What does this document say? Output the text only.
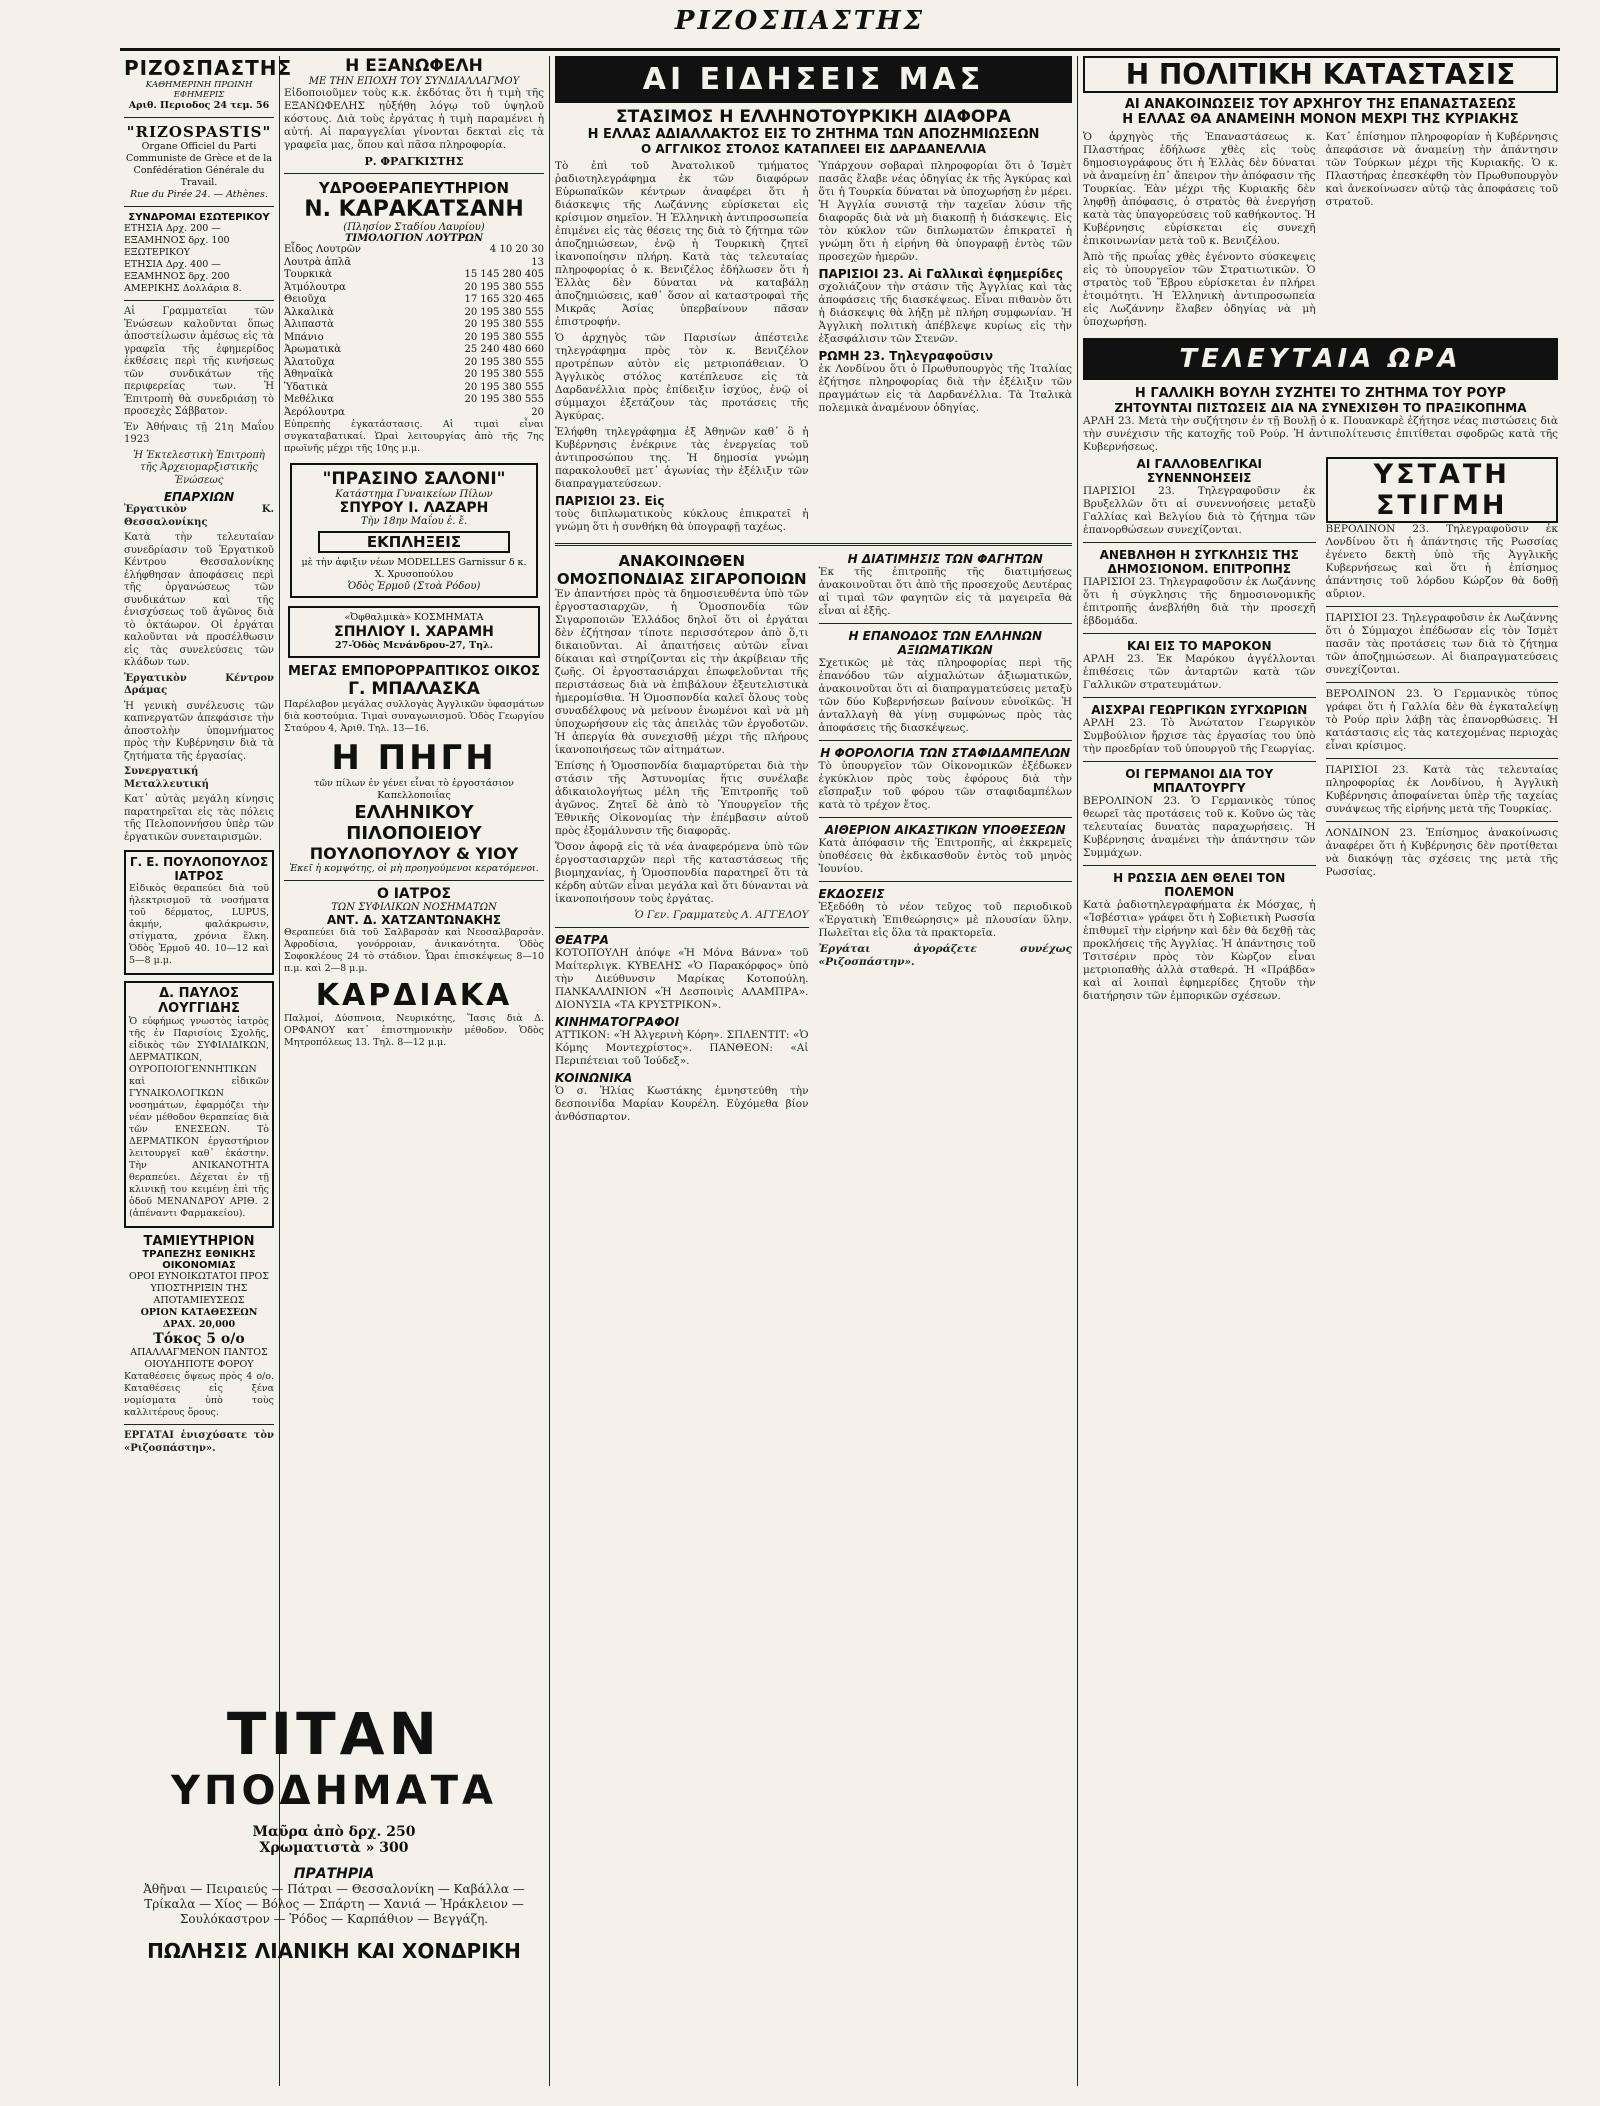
ΡΙΖΟΣΠΑΣΤΗΣ
ΡΙΖΟΣΠΑΣΤΗΣ
ΚΑΘΗΜΕΡΙΝΗ ΠΡΩΙΝΗ ΕΦΗΜΕΡΙΣ
Αριθ. Περιοδος 24 τεμ. 56
"RIZOSPASTIS"
Organe Officiel du Parti Communiste de Grèce et de la Confédération Générale du Travail.
Rue du Pirée 24. — Athènes.
ΣΥΝΔΡΟΜΑΙ ΕΣΩΤΕΡΙΚΟΥ
ΕΤΗΣΙΑ Δρχ. 200 — ΕΞΑΜΗΝΟΣ δρχ. 100 ΕΞΩΤΕΡΙΚΟΥ
ΕΤΗΣΙΑ Δρχ. 400 — ΕΞΑΜΗΝΟΣ δρχ. 200 ΑΜΕΡΙΚΗΣ Δολλάρια 8.

Αἱ Γραμματεῖαι τῶν Ἐνώσεων καλοῦνται ὅπως ἀποστείλωσιν ἀμέσως εἰς τὰ γραφεῖα τῆς ἐφημερίδος ἐκθέσεις περὶ τῆς κινήσεως τῶν συνδικάτων τῆς περιφερείας των. Ἡ Ἐπιτροπὴ θὰ συνεδριάσῃ τὸ προσεχὲς Σάββατον.

Ἐν Ἀθήναις τῇ 21η Μαΐου 1923

Ἡ Ἐκτελεστικὴ Ἐπιτροπὴ τῆς Ἀρχειομαρξιστικῆς Ἑνώσεως

ΕΠΑΡΧΙΩΝ

Ἐργατικὸν Κ. Θεσσαλονίκης

Κατὰ τὴν τελευταίαν συνεδρίασιν τοῦ Ἐργατικοῦ Κέντρου Θεσσαλονίκης ἐλήφθησαν ἀποφάσεις περὶ τῆς ὀργανώσεως τῶν συνδικάτων καὶ τῆς ἐνισχύσεως τοῦ ἀγῶνος διὰ τὸ ὀκτάωρον. Οἱ ἐργάται καλοῦνται νὰ προσέλθωσιν εἰς τὰς συνελεύσεις τῶν κλάδων των.

Ἐργατικὸν Κέντρον Δράμας

Ἡ γενικὴ συνέλευσις τῶν καπνεργατῶν ἀπεφάσισε τὴν ἀποστολὴν ὑπομνήματος πρὸς τὴν Κυβέρνησιν διὰ τὰ ζητήματα τῆς ἐργασίας.

Συνεργατική Μεταλλευτική

Κατ᾽ αὐτὰς μεγάλη κίνησις παρατηρεῖται εἰς τὰς πόλεις τῆς Πελοποννήσου ὑπὲρ τῶν ἐργατικῶν συνεταιρισμῶν.

Γ. Ε. ΠΟΥΛΟΠΟΥΛΟΣ ΙΑΤΡΟΣ

Εἰδικὸς θεραπεύει διὰ τοῦ ἠλεκτρισμοῦ τὰ νοσήματα τοῦ δέρματος, LUPUS, ἀκμήν, φαλάκρωσιν, στίγματα, χρόνια ἕλκη. Ὁδὸς Ἑρμοῦ 40. 10—12 καὶ 5—8 μ.μ.

Δ. ΠΑΥΛΟΣ ΛΟΥΓΓΙΔΗΣ

Ὁ εὐφήμως γνωστὸς ἰατρὸς τῆς ἐν Παρισίοις Σχολῆς, εἰδικὸς τῶν ΣΥΦΙΛΙΔΙΚΩΝ, ΔΕΡΜΑΤΙΚΩΝ, ΟΥΡΟΠΟΙΟΓΕΝΝΗΤΙΚΩΝ καὶ εἰδικῶν ΓΥΝΑΙΚΟΛΟΓΙΚΩΝ νοσημάτων, ἐφαρμόζει τὴν νέαν μέθοδον θεραπείας διὰ τῶν ΕΝΕΣΕΩΝ. Τὸ ΔΕΡΜΑΤΙΚΟΝ ἐργαστήριον λειτουργεῖ καθ᾽ ἑκάστην. Τὴν ΑΝΙΚΑΝΟΤΗΤΑ θεραπεύει. Δέχεται ἐν τῇ κλινικῇ του κειμένῃ ἐπὶ τῆς ὁδοῦ ΜΕΝΑΝΔΡΟΥ ΑΡΙΘ. 2 (ἀπέναντι Φαρμακείου).

ΤΑΜΙΕΥΤΗΡΙΟΝ
ΤΡΑΠΕΖΗΣ ΕΘΝΙΚΗΣ ΟΙΚΟΝΟΜΙΑΣ
ΟΡΟΙ ΕΥΝΟΙΚΩΤΑΤΟΙ ΠΡΟΣ ΥΠΟΣΤΗΡΙΞΙΝ ΤΗΣ ΑΠΟΤΑΜΙΕΥΣΕΩΣ
ΟΡΙΟΝ ΚΑΤΑΘΕΣΕΩΝ ΔΡΑΧ. 20,000
Τόκος 5 ο/ο
ΑΠΑΛΛΑΓΜΕΝΟΝ ΠΑΝΤΟΣ ΟΙΟΥΔΗΠΟΤΕ ΦΟΡΟΥ

Καταθέσεις ὄψεως πρὸς 4 ο/ο. Καταθέσεις εἰς ξένα νομίσματα ὑπὸ τοὺς καλλιτέρους ὅρους.

ΕΡΓΑΤΑΙ ἐνισχύσατε τὸν «Ριζοσπάστην».

Η ΕΞΑΝΩΦΕΛΗ
ΜΕ ΤΗΝ ΕΠΟΧΗ ΤΟΥ ΣΥΝΔΙΑΛΛΑΓΜΟΥ

Εἰδοποιοῦμεν τοὺς κ.κ. ἐκδότας ὅτι ἡ τιμὴ τῆς ΕΞΑΝΩΦΕΛΗΣ ηὐξήθη λόγῳ τοῦ ὑψηλοῦ κόστους. Διὰ τοὺς ἐργάτας ἡ τιμὴ παραμένει ἡ αὐτή. Αἱ παραγγελίαι γίνονται δεκταὶ εἰς τὰ γραφεῖα μας, ὅπου καὶ πᾶσα πληροφορία.

Ρ. ΦΡΑΓΚΙΣΤΗΣ
ΥΔΡΟΘΕΡΑΠΕΥΤΗΡΙΟΝ
Ν. ΚΑΡΑΚΑΤΣΑΝΗ
(Πλησίον Σταδίου Λαυρίου)
ΤΙΜΟΛΟΓΙΟΝ ΛΟΥΤΡΩΝ
Εἶδος Λουτρῶν	4 10 20 30
Λουτρὰ ἁπλᾶ	13
Τουρκικὰ	15 145 280 405
Ἀτμόλουτρα	20 195 380 555
Θειοῦχα	17 165 320 465
Ἀλκαλικὰ	20 195 380 555
Ἀλιπαστὰ	20 195 380 555
Μπάνιο	20 195 380 555
Ἀρωματικὰ	25 240 480 660
Ἀλατοῦχα	20 195 380 555
Ἀθηναϊκὰ	20 195 380 555
Ὑδατικὰ	20 195 380 555
Μεθέλικα	20 195 380 555
Ἀερόλουτρα	20

Εὐπρεπὴς ἐγκατάστασις. Αἱ τιμαὶ εἶναι συγκαταβατικαί. Ὡραὶ λειτουργίας ἀπὸ τῆς 7ης πρωϊνῆς μέχρι τῆς 10ης μ.μ.

"ΠΡΑΣΙΝΟ ΣΑΛΟΝΙ"
Κατάστημα Γυναικείων Πίλων
ΣΠΥΡΟΥ Ι. ΛΑΖΑΡΗ
Τὴν 18ην Μαΐου ἐ. ἔ.
ΕΚΠΛΗΞΕΙΣ
μὲ τὴν ἀφιξιν νέων MODELLES Garnissur δ κ. Χ. Χρυσοπούλου
Ὁδὸς Ἑρμοῦ (Στοὰ Ρόδου)
«Ὀφθαλμικὰ» ΚΟΣΜΗΜΑΤΑ
ΣΠΗΛΙΟΥ Ι. ΧΑΡΑΜΗ
27-Ὁδὸς Μενάνδρου-27, Τηλ.
ΜΕΓΑΣ ΕΜΠΟΡΟΡΡΑΠΤΙΚΟΣ ΟΙΚΟΣ
Γ. ΜΠΑΛΑΣΚΑ

Παρέλαβον μεγάλας συλλογὰς Ἀγγλικῶν ὑφασμάτων διὰ κοστούμια. Τιμαὶ συναγωνισμοῦ. Ὁδὸς Γεωργίου Σταύρου 4, Ἀριθ. Τηλ. 13—16.

Η ΠΗΓΗ
τῶν πίλων ἐν γένει εἶναι τὸ ἐργοστάσιον Καπελλοποιΐας
ΕΛΛΗΝΙΚΟΥ ΠΙΛΟΠΟΙΕΙΟΥ
ΠΟΥΛΟΠΟΥΛΟΥ & ΥΙΟΥ
Ἐκεῖ ἡ κομψότης, οἱ μὴ προηγούμενοι κερατόμενοι.
Ο ΙΑΤΡΟΣ
ΤΩΝ ΣΥΦΙΛΙΚΩΝ ΝΟΣΗΜΑΤΩΝ
ΑΝΤ. Δ. ΧΑΤΖΑΝΤΩΝΑΚΗΣ

Θεραπεύει διὰ τοῦ Σαλβαρσὰν καὶ Νεοσαλβαρσὰν. Ἀφροδίσια, γονόρροιαν, ἀνικανότητα. Ὁδὸς Σοφοκλέους 24 τὸ στάδιον. Ὧραι ἐπισκέψεως 8—10 π.μ. καὶ 2—8 μ.μ.

ΚΑΡΔΙΑΚΑ

Παλμοί, Δύσπνοια, Νευρικότης, Ἴασις διὰ Δ. ΟΡΦΑΝΟΥ κατ᾽ ἐπιστημονικὴν μέθοδον. Ὁδὸς Μητροπόλεως 13. Τηλ. 8—12 μ.μ.

ΤΙΤΑΝ
ΥΠΟΔΗΜΑΤΑ
Μαῦρα ἀπὸ δρχ. 250
Χρωματιστὰ » 300
ΠΡΑΤΗΡΙΑ

Ἀθῆναι — Πειραιεύς — Πάτραι — Θεσσαλονίκη — Καβάλλα — Τρίκαλα — Χίος — Βόλος — Σπάρτη — Χανιά — Ἡράκλειον — Σουλόκαστρον — Ῥόδος — Καρπάθιον — Βεγγάζη.

ΠΩΛΗΣΙΣ ΛΙΑΝΙΚΗ ΚΑΙ ΧΟΝΔΡΙΚΗ
ΑΙ ΕΙΔΗΣΕΙΣ ΜΑΣ
ΣΤΑΣΙΜΟΣ Η ΕΛΛΗΝΟΤΟΥΡΚΙΚΗ ΔΙΑΦΟΡΑ
Η ΕΛΛΑΣ ΑΔΙΑΛΛΑΚΤΟΣ ΕΙΣ ΤΟ ΖΗΤΗΜΑ ΤΩΝ ΑΠΟΖΗΜΙΩΣΕΩΝ
Ο ΑΓΓΛΙΚΟΣ ΣΤΟΛΟΣ ΚΑΤΑΠΛΕΕΙ ΕΙΣ ΔΑΡΔΑΝΕΛΛΙΑ

Τὸ ἐπὶ τοῦ Ἀνατολικοῦ τμήματος ῥαδιοτηλεγράφημα ἐκ τῶν διαφόρων Εὐρωπαϊκῶν κέντρων ἀναφέρει ὅτι ἡ διάσκεψις τῆς Λωζάννης εὑρίσκεται εἰς κρίσιμον σημεῖον. Ἡ Ἑλληνικὴ ἀντιπροσωπεία ἐπιμένει εἰς τὰς θέσεις της διὰ τὸ ζήτημα τῶν ἀποζημιώσεων, ἐνῷ ἡ Τουρκικὴ ζητεῖ ἱκανοποίησιν πλήρη. Κατὰ τὰς τελευταίας πληροφορίας ὁ κ. Βενιζέλος ἐδήλωσεν ὅτι ἡ Ἑλλὰς δὲν δύναται νὰ καταβάλῃ ἀποζημιώσεις, καθ᾽ ὅσον αἱ καταστροφαὶ τῆς Μικρᾶς Ἀσίας ὑπερβαίνουν πᾶσαν ἐπιστροφήν.

Ὁ ἀρχηγὸς τῶν Παρισίων ἀπέστειλε τηλεγράφημα πρὸς τὸν κ. Βενιζέλον προτρέπων αὐτὸν εἰς μετριοπάθειαν. Ὁ Ἀγγλικὸς στόλος κατέπλευσε εἰς τὰ Δαρδανέλλια πρὸς ἐπίδειξιν ἰσχύος, ἐνῷ οἱ σύμμαχοι ἐξετάζουν τὰς προτάσεις τῆς Ἀγκύρας.

Ἐλήφθη τηλεγράφημα ἐξ Ἀθηνῶν καθ᾽ ὃ ἡ Κυβέρνησις ἐνέκρινε τὰς ἐνεργείας τοῦ ἀντιπροσώπου της. Ἡ δημοσία γνώμη παρακολουθεῖ μετ᾽ ἀγωνίας τὴν ἐξέλιξιν τῶν διαπραγματεύσεων.

ΠΑΡΙΣΙΟΙ 23. Εἰς

τοὺς διπλωματικοὺς κύκλους ἐπικρατεῖ ἡ γνώμη ὅτι ἡ συνθήκη θὰ ὑπογραφῇ ταχέως.

Ὑπάρχουν σοβαραὶ πληροφορίαι ὅτι ὁ Ἰσμὲτ πασᾶς ἔλαβε νέας ὁδηγίας ἐκ τῆς Ἀγκύρας καὶ ὅτι ἡ Τουρκία δύναται νὰ ὑποχωρήσῃ ἐν μέρει. Ἡ Ἀγγλία συνιστᾷ τὴν ταχεῖαν λύσιν τῆς διαφορᾶς διὰ νὰ μὴ διακοπῇ ἡ διάσκεψις. Εἰς τὸν κύκλον τῶν διπλωματῶν ἐπικρατεῖ ἡ γνώμη ὅτι ἡ εἰρήνη θὰ ὑπογραφῇ ἐντὸς τῶν προσεχῶν ἡμερῶν.

ΠΑΡΙΣΙΟΙ 23. Αἱ Γαλλικαὶ ἐφημερίδες

σχολιάζουν τὴν στάσιν τῆς Ἀγγλίας καὶ τὰς ἀποφάσεις τῆς διασκέψεως. Εἶναι πιθανὸν ὅτι ἡ διάσκεψις θὰ λήξῃ μὲ πλήρη συμφωνίαν. Ἡ Ἀγγλικὴ πολιτικὴ ἀπέβλεψε κυρίως εἰς τὴν ἐξασφάλισιν τῶν Στενῶν.

ΡΩΜΗ 23. Τηλεγραφοῦσιν

ἐκ Λονδίνου ὅτι ὁ Πρωθυπουργὸς τῆς Ἰταλίας ἐζήτησε πληροφορίας διὰ τὴν ἐξέλιξιν τῶν πραγμάτων εἰς τὰ Δαρδανέλλια. Τὰ Ἰταλικὰ πολεμικὰ ἀναμένουν ὁδηγίας.

ΑΝΑΚΟΙΝΩΘΕΝ ΟΜΟΣΠΟΝΔΙΑΣ ΣΙΓΑΡΟΠΟΙΩΝ

Ἐν ἀπαντήσει πρὸς τὰ δημοσιευθέντα ὑπὸ τῶν ἐργοστασιαρχῶν, ἡ Ὁμοσπονδία τῶν Σιγαροποιῶν Ἑλλάδος δηλοῖ ὅτι οἱ ἐργάται δὲν ἐζήτησαν τίποτε περισσότερον ἀπὸ ὅ,τι δικαιοῦνται. Αἱ ἀπαιτήσεις αὐτῶν εἶναι δίκαιαι καὶ στηρίζονται εἰς τὴν ἀκρίβειαν τῆς ζωῆς. Οἱ ἐργοστασιάρχαι ἐπωφελοῦνται τῆς περιστάσεως διὰ νὰ ἐπιβάλουν ἐξευτελιστικὰ ἡμερομίσθια. Ἡ Ὁμοσπονδία καλεῖ ὅλους τοὺς συναδέλφους νὰ μείνουν ἑνωμένοι καὶ νὰ μὴ ὑποχωρήσουν εἰς τὰς ἀπειλὰς τῶν ἐργοδοτῶν. Ἡ ἀπεργία θὰ συνεχισθῇ μέχρι τῆς πλήρους ἱκανοποιήσεως τῶν αἰτημάτων.

Ἐπίσης ἡ Ὁμοσπονδία διαμαρτύρεται διὰ τὴν στάσιν τῆς Ἀστυνομίας ἥτις συνέλαβε ἀδικαιολογήτως μέλη τῆς Ἐπιτροπῆς τοῦ ἀγῶνος. Ζητεῖ δὲ ἀπὸ τὸ Ὑπουργεῖον τῆς Ἐθνικῆς Οἰκονομίας τὴν ἐπέμβασιν αὐτοῦ πρὸς ἐξομάλυνσιν τῆς διαφορᾶς.

Ὅσον ἀφορᾷ εἰς τὰ νέα ἀναφερόμενα ὑπὸ τῶν ἐργοστασιαρχῶν περὶ τῆς καταστάσεως τῆς βιομηχανίας, ἡ Ὁμοσπονδία παρατηρεῖ ὅτι τὰ κέρδη αὐτῶν εἶναι μεγάλα καὶ ὅτι δύνανται νὰ ἱκανοποιήσουν τοὺς ἐργάτας.

Ὁ Γεν. Γραμματεὺς Λ. ΑΓΓΕΛΟΥ

ΘΕΑΤΡΑ

ΚΟΤΟΠΟΥΛΗ ἀπόψε «Ἡ Μόνα Βάννα» τοῦ Μαίτερλιγκ. ΚΥΒΕΛΗΣ «Ὁ Παρακόρφος» ὑπὸ τὴν Διεύθυνσιν Μαρίκας Κοτοπούλη. ΠΑΝΚΑΛΛΙΝΙΟΝ «Ἡ Δεσποινὶς ΑΛΑΜΠΡΑ». ΔΙΟΝΥΣΙΑ «ΤΑ ΚΡΥΣΤΡΙΚΟΝ».

ΚΙΝΗΜΑΤΟΓΡΑΦΟΙ

ΑΤΤΙΚΟΝ: «Ἡ Ἀλγερινὴ Κόρη». ΣΠΛΕΝΤΙΤ: «Ὁ Κόμης Μοντεχρίστος». ΠΑΝΘΕΟΝ: «Αἱ Περιπέτειαι τοῦ Ἰούδεξ».

ΚΟΙΝΩΝΙΚΑ

Ὁ σ. Ἠλίας Κωστάκης ἐμνηστεύθη τὴν δεσποινίδα Μαρίαν Κουρέλη. Εὐχόμεθα βίον ἀνθόσπαρτον.

Η ΔΙΑΤΙΜΗΣΙΣ ΤΩΝ ΦΑΓΗΤΩΝ

Ἐκ τῆς ἐπιτροπῆς τῆς διατιμήσεως ἀνακοινοῦται ὅτι ἀπὸ τῆς προσεχοῦς Δευτέρας αἱ τιμαὶ τῶν φαγητῶν εἰς τὰ μαγειρεῖα θὰ εἶναι αἱ ἐξῆς.

Η ΕΠΑΝΟΔΟΣ ΤΩΝ ΕΛΛΗΝΩΝ ΑΞΙΩΜΑΤΙΚΩΝ

Σχετικῶς μὲ τὰς πληροφορίας περὶ τῆς ἐπανόδου τῶν αἰχμαλώτων ἀξιωματικῶν, ἀνακοινοῦται ὅτι αἱ διαπραγματεύσεις μεταξὺ τῶν δύο Κυβερνήσεων βαίνουν εὐνοϊκῶς. Ἡ ἀνταλλαγὴ θὰ γίνῃ συμφώνως πρὸς τὰς ἀποφάσεις τῆς διασκέψεως.

Η ΦΟΡΟΛΟΓΙΑ ΤΩΝ ΣΤΑΦΙΔΑΜΠΕΛΩΝ

Τὸ ὑπουργεῖον τῶν Οἰκονομικῶν ἐξέδωκεν ἐγκύκλιον πρὸς τοὺς ἐφόρους διὰ τὴν εἴσπραξιν τοῦ φόρου τῶν σταφιδαμπέλων κατὰ τὸ τρέχον ἔτος.

ΑΙΘΕΡΙΟΝ ΑΙΚΑΣΤΙΚΩΝ ΥΠΟΘΕΣΕΩΝ

Κατὰ ἀπόφασιν τῆς Ἐπιτροπῆς, αἱ ἐκκρεμεῖς ὑποθέσεις θὰ ἐκδικασθοῦν ἐντὸς τοῦ μηνὸς Ἰουνίου.

ΕΚΔΟΣΕΙΣ

Ἐξεδόθη τὸ νέον τεῦχος τοῦ περιοδικοῦ «Ἐργατικὴ Ἐπιθεώρησις» μὲ πλουσίαν ὕλην. Πωλεῖται εἰς ὅλα τὰ πρακτορεῖα.

Ἐργάται ἀγοράζετε συνέχως «Ριζοσπάστην».

Η ΠΟΛΙΤΙΚΗ ΚΑΤΑΣΤΑΣΙΣ
ΑΙ ΑΝΑΚΟΙΝΩΣΕΙΣ ΤΟΥ ΑΡΧΗΓΟΥ ΤΗΣ ΕΠΑΝΑΣΤΑΣΕΩΣ
Η ΕΛΛΑΣ ΘΑ ΑΝΑΜΕΙΝΗ ΜΟΝΟΝ ΜΕΧΡΙ ΤΗΣ ΚΥΡΙΑΚΗΣ

Ὁ ἀρχηγὸς τῆς Ἐπαναστάσεως κ. Πλαστήρας ἐδήλωσε χθὲς εἰς τοὺς δημοσιογράφους ὅτι ἡ Ἑλλὰς δὲν δύναται νὰ ἀναμείνῃ ἐπ᾽ ἄπειρον τὴν ἀπόφασιν τῆς Τουρκίας. Ἐὰν μέχρι τῆς Κυριακῆς δὲν ληφθῇ ἀπόφασις, ὁ στρατὸς θὰ ἐνεργήσῃ κατὰ τὰς ὑπαγορεύσεις τοῦ καθήκοντος. Ἡ Κυβέρνησις εὑρίσκεται εἰς συνεχῆ ἐπικοινωνίαν μετὰ τοῦ κ. Βενιζέλου.

Ἀπὸ τῆς πρωΐας χθὲς ἐγένοντο σύσκεψεις εἰς τὸ ὑπουργεῖον τῶν Στρατιωτικῶν. Ὁ στρατὸς τοῦ Ἕβρου εὑρίσκεται ἐν πλήρει ἑτοιμότητι. Ἡ Ἑλληνικὴ ἀντιπροσωπεία εἰς Λωζάννην ἔλαβεν ὁδηγίας νὰ μὴ ὑποχωρήσῃ.

Κατ᾽ ἐπίσημον πληροφορίαν ἡ Κυβέρνησις ἀπεφάσισε νὰ ἀναμείνῃ τὴν ἀπάντησιν τῶν Τούρκων μέχρι τῆς Κυριακῆς. Ὁ κ. Πλαστήρας ἐπεσκέφθη τὸν Πρωθυπουργὸν καὶ ἀνεκοίνωσεν αὐτῷ τὰς ἀποφάσεις τοῦ στρατοῦ.

ΤΕΛΕΥΤΑΙΑ ΩΡΑ
Η ΓΑΛΛΙΚΗ ΒΟΥΛΗ ΣΥΖΗΤΕΙ ΤΟ ΖΗΤΗΜΑ ΤΟΥ ΡΟΥΡ
ΖΗΤΟΥΝΤΑΙ ΠΙΣΤΩΣΕΙΣ ΔΙΑ ΝΑ ΣΥΝΕΧΙΣΘΗ ΤΟ ΠΡΑΞΙΚΟΠΗΜΑ

ΑΡΛΗ 23. Μετὰ τὴν συζήτησιν ἐν τῇ Βουλῇ ὁ κ. Πουανκαρὲ ἐζήτησε νέας πιστώσεις διὰ τὴν συνέχισιν τῆς κατοχῆς τοῦ Ρούρ. Ἡ ἀντιπολίτευσις ἐπιτίθεται σφοδρῶς κατὰ τῆς Κυβερνήσεως.

ΑΙ ΓΑΛΛΟΒΕΛΓΙΚΑΙ ΣΥΝΕΝΝΟΗΣΕΙΣ

ΠΑΡΙΣΙΟΙ 23. Τηλεγραφοῦσιν ἐκ Βρυξελλῶν ὅτι αἱ συνεννοήσεις μεταξὺ Γαλλίας καὶ Βελγίου διὰ τὸ ζήτημα τῶν ἐπανορθώσεων συνεχίζονται.

ΑΝΕΒΛΗΘΗ Η ΣΥΓΚΛΗΣΙΣ ΤΗΣ ΔΗΜΟΣΙΟΝΟΜ. ΕΠΙΤΡΟΠΗΣ

ΠΑΡΙΣΙΟΙ 23. Τηλεγραφοῦσιν ἐκ Λωζάννης ὅτι ἡ σύγκλησις τῆς δημοσιονομικῆς ἐπιτροπῆς ἀνεβλήθη διὰ τὴν προσεχῆ ἑβδομάδα.

ΚΑΙ ΕΙΣ ΤΟ ΜΑΡΟΚΟΝ

ΑΡΛΗ 23. Ἐκ Μαρόκου ἀγγέλλονται ἐπιθέσεις τῶν ἀνταρτῶν κατὰ τῶν Γαλλικῶν στρατευμάτων.

ΑΙΣΧΡΑΙ ΓΕΩΡΓΙΚΩΝ ΣΥΓΧΩΡΙΩΝ

ΑΡΛΗ 23. Τὸ Ἀνώτατον Γεωργικὸν Συμβούλιον ἤρχισε τὰς ἐργασίας του ὑπὸ τὴν προεδρίαν τοῦ ὑπουργοῦ τῆς Γεωργίας.

ΟΙ ΓΕΡΜΑΝΟΙ ΔΙΑ ΤΟΥ ΜΠΑΛΤΟΥΡΓΥ

ΒΕΡΟΛΙΝΟΝ 23. Ὁ Γερμανικὸς τύπος θεωρεῖ τὰς προτάσεις τοῦ κ. Κοῦνο ὡς τὰς τελευταίας δυνατὰς παραχωρήσεις. Ἡ Κυβέρνησις ἀναμένει τὴν ἀπάντησιν τῶν Συμμάχων.

Η ΡΩΣΣΙΑ ΔΕΝ ΘΕΛΕΙ ΤΟΝ ΠΟΛΕΜΟΝ

Κατὰ ῥαδιοτηλεγραφήματα ἐκ Μόσχας, ἡ «Ἰσβέστια» γράφει ὅτι ἡ Σοβιετικὴ Ρωσσία ἐπιθυμεῖ τὴν εἰρήνην καὶ δὲν θὰ δεχθῇ τὰς προκλήσεις τῆς Ἀγγλίας. Ἡ ἀπάντησις τοῦ Τσιτσέριν πρὸς τὸν Κὼρζον εἶναι μετριοπαθὴς ἀλλὰ σταθερά. Ἡ «Πράβδα» καὶ αἱ λοιπαὶ ἐφημερίδες ζητοῦν τὴν διατήρησιν τῶν ἐμπορικῶν σχέσεων.

ΥΣΤΑΤΗ ΣΤΙΓΜΗ

ΒΕΡΟΛΙΝΟΝ 23. Τηλεγραφοῦσιν ἐκ Λονδίνου ὅτι ἡ ἀπάντησις τῆς Ρωσσίας ἐγένετο δεκτὴ ὑπὸ τῆς Ἀγγλικῆς Κυβερνήσεως καὶ ὅτι ἡ ἐπίσημος ἀπάντησις τοῦ λόρδου Κώρζον θὰ δοθῇ αὔριον.

ΠΑΡΙΣΙΟΙ 23. Τηλεγραφοῦσιν ἐκ Λωζάννης ὅτι ὁ Σύμμαχοι ἐπέδωσαν εἰς τὸν Ἰσμὲτ πασᾶν τὰς προτάσεις των διὰ τὸ ζήτημα τῶν ἀποζημιώσεων. Αἱ διαπραγματεύσεις συνεχίζονται.

ΒΕΡΟΛΙΝΟΝ 23. Ὁ Γερμανικὸς τύπος γράφει ὅτι ἡ Γαλλία δὲν θὰ ἐγκαταλείψῃ τὸ Ρούρ πρὶν λάβῃ τὰς ἐπανορθώσεις. Ἡ κατάστασις εἰς τὰς κατεχομένας περιοχὰς εἶναι κρίσιμος.

ΠΑΡΙΣΙΟΙ 23. Κατὰ τὰς τελευταίας πληροφορίας ἐκ Λονδίνου, ἡ Ἀγγλικὴ Κυβέρνησις ἀποφαίνεται ὑπὲρ τῆς ταχείας συνάψεως τῆς εἰρήνης μετὰ τῆς Τουρκίας.

ΛΟΝΔΙΝΟΝ 23. Ἐπίσημος ἀνακοίνωσις ἀναφέρει ὅτι ἡ Κυβέρνησις δὲν προτίθεται νὰ διακόψῃ τὰς σχέσεις της μετὰ τῆς Ρωσσίας.
